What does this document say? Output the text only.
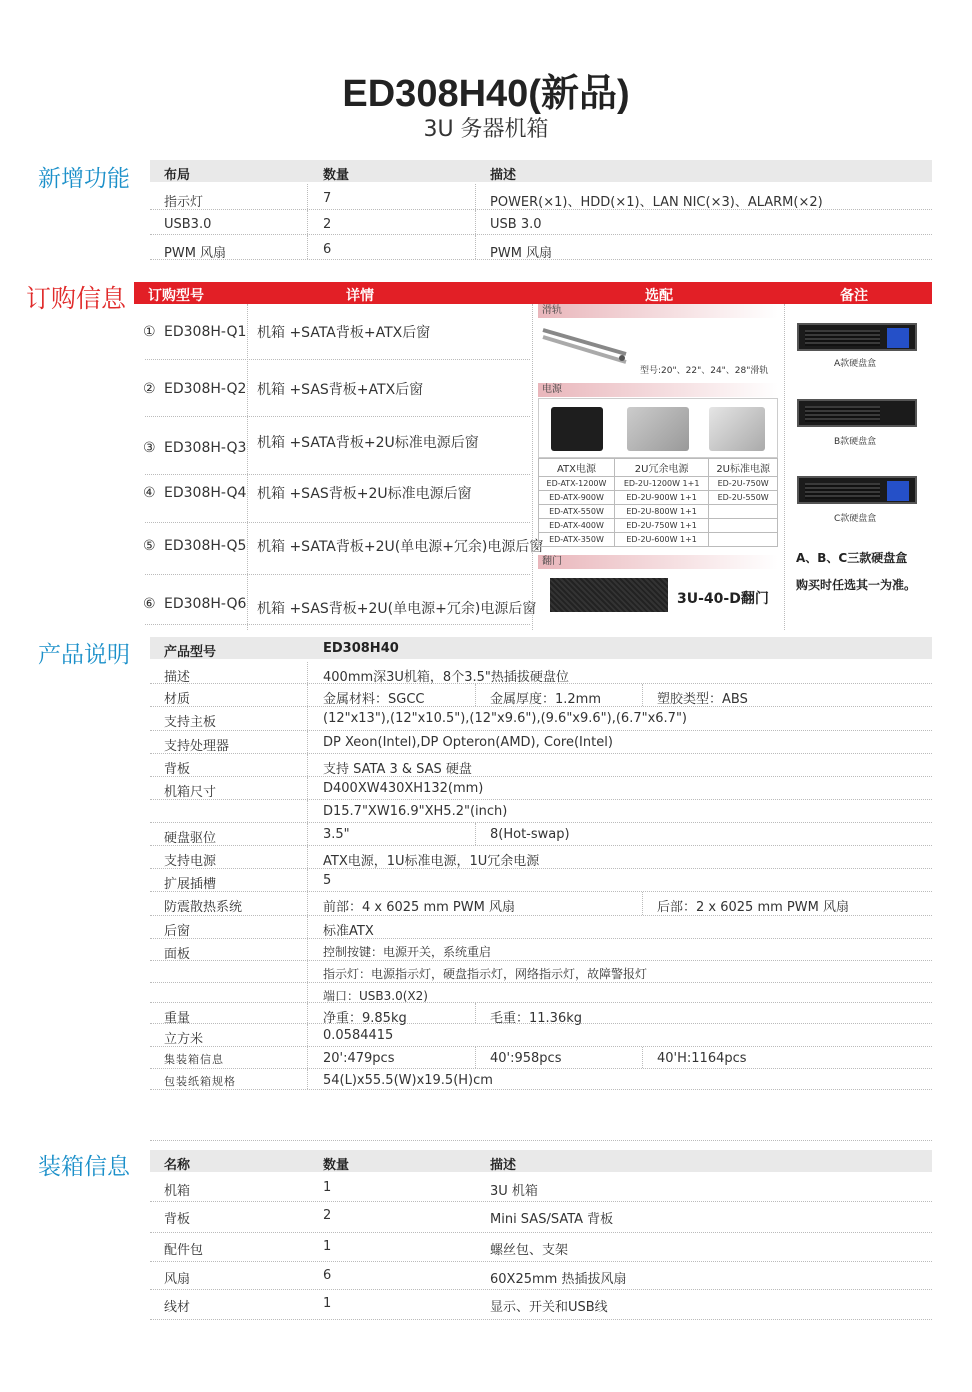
ED308H40(新品)
3U 务器机箱
新增功能	布局	数量	描述
指示灯	7	POWER(×1)、HDD(×1)、LAN NIC(×3)、ALARM(×2)
USB3.0	2	USB 3.0
PWM 风扇	6	PWM 风扇
订购信息 订购型号	详情	选配	备注
① ED308H-Q1 机箱 +SATA背板+ATX后窗
② ED308H-Q2 机箱 +SAS背板+ATX后窗
③ ED308H-Q3 机箱 +SATA背板+2U标准电源后窗
④ ED308H-Q4 机箱 +SAS背板+2U标准电源后窗
⑤ ED308H-Q5 机箱 +SATA背板+2U(单电源+冗余)电源后窗
⑥ ED308H-Q6 机箱 +SAS背板+2U(单电源+冗余)电源后窗
滑轨
型号:20"、22"、24"、28"滑轨
电源
ATX电源	2U冗余电源	2U标准电源
ED-ATX-1200W	ED-2U-1200W 1+1	ED-2U-750W
ED-ATX-900W	ED-2U-900W 1+1	ED-2U-550W
ED-ATX-550W	ED-2U-800W 1+1	
ED-ATX-400W	ED-2U-750W 1+1	
ED-ATX-350W	ED-2U-600W 1+1	
翻门
3U-40-D翻门
A款硬盘盒
B款硬盘盒
C款硬盘盒
A、B、C三款硬盘盒
购买时任选其一为准。
产品说明	产品型号	ED308H40
描述	400mm深3U机箱，8个3.5"热插拔硬盘位
材质	金属材料：SGCC	金属厚度：1.2mm	塑胶类型：ABS
支持主板	(12"x13"),(12"x10.5"),(12"x9.6"),(9.6"x9.6"),(6.7"x6.7")
支持处理器	DP Xeon(Intel),DP Opteron(AMD), Core(Intel)
背板	支持 SATA 3 & SAS 硬盘
机箱尺寸	D400XW430XH132(mm)
D15.7"XW16.9"XH5.2"(inch)
硬盘驱位	3.5"	8(Hot-swap)
支持电源	ATX电源，1U标准电源，1U冗余电源
扩展插槽	5
防震散热系统	前部：4 x 6025 mm PWM 风扇	后部：2 x 6025 mm PWM 风扇
后窗	标准ATX
面板	控制按键：电源开关，系统重启
指示灯：电源指示灯，硬盘指示灯，网络指示灯，故障警报灯
端口：USB3.0(X2)
重量	净重：9.85kg	毛重：11.36kg
立方米	0.0584415
集装箱信息	20':479pcs	40':958pcs	40'H:1164pcs
包装纸箱规格	54(L)x55.5(W)x19.5(H)cm
装箱信息	名称	数量	描述
机箱	1	3U 机箱
背板	2	Mini SAS/SATA 背板
配件包	1	螺丝包、支架
风扇	6	60X25mm 热插拔风扇
线材	1	显示、开关和USB线
